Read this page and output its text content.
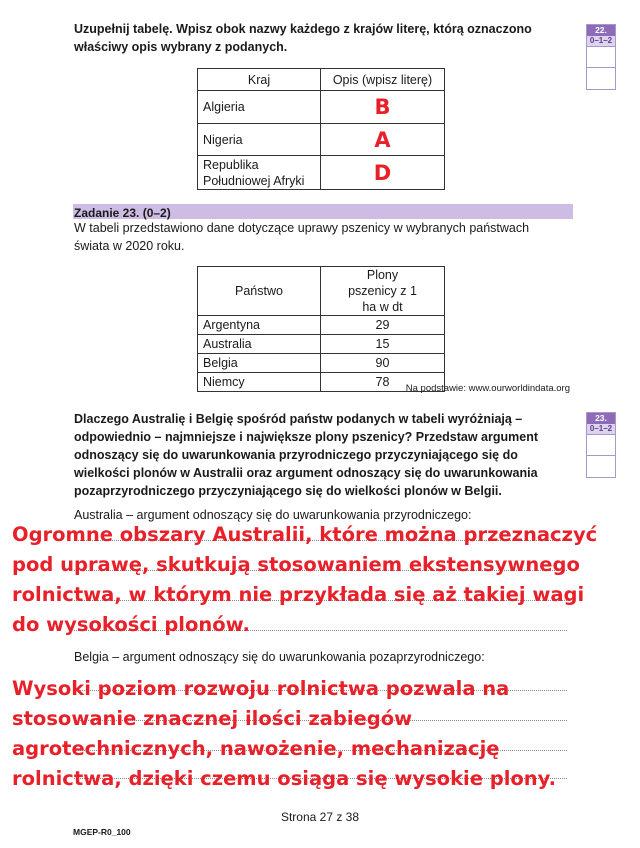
Uzupełnij tabelę. Wpisz obok nazwy każdego z krajów literę, którą oznaczono właściwy opis wybrany z podanych.
22.
0–1–2
Kraj	Opis (wpisz literę)
Algieria	B
Nigeria	A
Republika Południowej Afryki	D
Zadanie 23. (0–2)
W tabeli przedstawiono dane dotyczące uprawy pszenicy w wybranych państwach świata w 2020 roku.
Państwo	Plony pszenicy z 1 ha w dt
Argentyna	29
Australia	15
Belgia	90
Niemcy	78	Na podstawie: www.ourworldindata.org
Dlaczego Australię i Belgię spośród państw podanych w tabeli wyróżniają – odpowiednio – najmniejsze i największe plony pszenicy? Przedstaw argument odnoszący się do uwarunkowania przyrodniczego przyczyniającego się do wielkości plonów w Australii oraz argument odnoszący się do uwarunkowania pozaprzyrodniczego przyczyniającego się do wielkości plonów w Belgii.
23.
0–1–2
Australia – argument odnoszący się do uwarunkowania przyrodniczego:
Ogromne obszary Australii, które można przeznaczyć pod uprawę, skutkują stosowaniem ekstensywnego rolnictwa, w którym nie przykłada się aż takiej wagi do wysokości plonów.
Belgia – argument odnoszący się do uwarunkowania pozaprzyrodniczego:
Wysoki poziom rozwoju rolnictwa pozwala na stosowanie znacznej ilości zabiegów agrotechnicznych, nawożenie, mechanizację rolnictwa, dzięki czemu osiąga się wysokie plony.
Strona 27 z 38
MGEP-R0_100
